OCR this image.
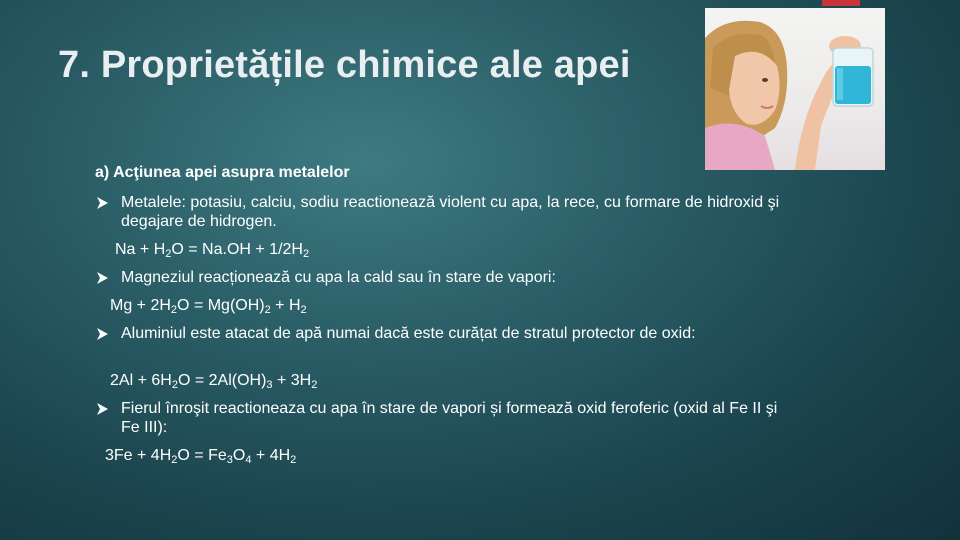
7. Proprietățile chimice ale apei
a) Acţiunea apei asupra metalelor
Metalele: potasiu, calciu, sodiu reactionează violent cu apa, la rece, cu formare de hidroxid şi degajare de hidrogen.
$Na + H_2O = Na.OH + 1/2H_2$
Magneziul reacționează cu apa la cald sau în stare de vapori:
$Mg + 2H_2O = Mg(OH)_2 + H_2$
Aluminiul este atacat de apă numai dacă este curățat de stratul protector de oxid:
$2Al + 6H_2O = 2Al(OH)_3 + 3H_2$
Fierul înroşit reactioneaza cu apa în stare de vapori și formează oxid feroferic (oxid al Fe II şi Fe III):
$3Fe + 4H_2O = Fe_3O_4 + 4H_2$
